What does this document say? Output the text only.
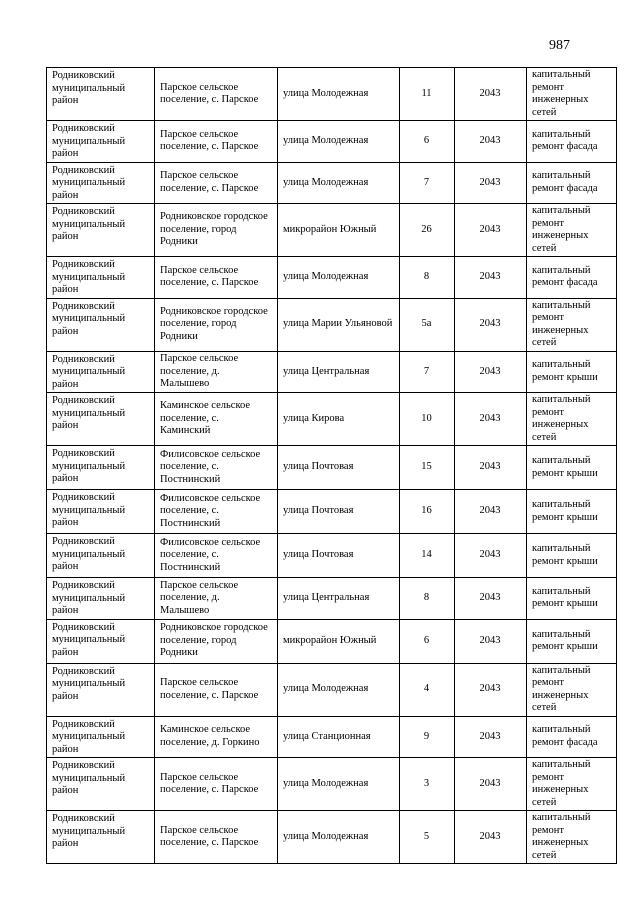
987
Родниковский муниципальный район	Парское сельское поселение, с. Парское	улица Молодежная	11	2043	капитальный ремонт инженерных сетей
Родниковский муниципальный район	Парское сельское поселение, с. Парское	улица Молодежная	6	2043	капитальный ремонт фасада
Родниковский муниципальный район	Парское сельское поселение, с. Парское	улица Молодежная	7	2043	капитальный ремонт фасада
Родниковский муниципальный район	Родниковское городское поселение, город Родники	микрорайон Южный	26	2043	капитальный ремонт инженерных сетей
Родниковский муниципальный район	Парское сельское поселение, с. Парское	улица Молодежная	8	2043	капитальный ремонт фасада
Родниковский муниципальный район	Родниковское городское поселение, город Родники	улица Марии Ульяновой	5а	2043	капитальный ремонт инженерных сетей
Родниковский муниципальный район	Парское сельское поселение, д. Малышево	улица Центральная	7	2043	капитальный ремонт крыши
Родниковский муниципальный район	Каминское сельское поселение, с. Каминский	улица Кирова	10	2043	капитальный ремонт инженерных сетей
Родниковский муниципальный район	Филисовское сельское поселение, с. Постнинский	улица Почтовая	15	2043	капитальный ремонт крыши
Родниковский муниципальный район	Филисовское сельское поселение, с. Постнинский	улица Почтовая	16	2043	капитальный ремонт крыши
Родниковский муниципальный район	Филисовское сельское поселение, с. Постнинский	улица Почтовая	14	2043	капитальный ремонт крыши
Родниковский муниципальный район	Парское сельское поселение, д. Малышево	улица Центральная	8	2043	капитальный ремонт крыши
Родниковский муниципальный район	Родниковское городское поселение, город Родники	микрорайон Южный	6	2043	капитальный ремонт крыши
Родниковский муниципальный район	Парское сельское поселение, с. Парское	улица Молодежная	4	2043	капитальный ремонт инженерных сетей
Родниковский муниципальный район	Каминское сельское поселение, д. Горкино	улица Станционная	9	2043	капитальный ремонт фасада
Родниковский муниципальный район	Парское сельское поселение, с. Парское	улица Молодежная	3	2043	капитальный ремонт инженерных сетей
Родниковский муниципальный район	Парское сельское поселение, с. Парское	улица Молодежная	5	2043	капитальный ремонт инженерных сетей
